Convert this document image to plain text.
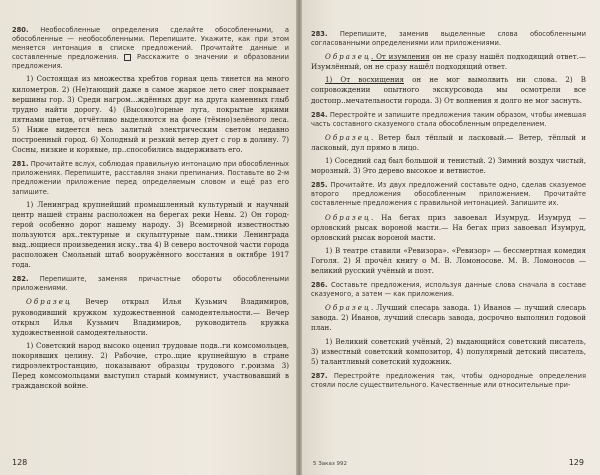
280. Необособленные определения сделайте обособленными, а обособленные — необособленными. Перепишите. Укажите, как при этом меняется интонация в списке предложений. Прочитайте данные и составленные предложения.	Расскажите о значении и образовании предложения.

1) Состоящая из множества хребтов горная цепь тянется на много километров. 2) (Не)тающий даже в самое жаркое лето снег покрывает вершины гор. 3) Среди нагром...ждённых друг на друга каменных глыб трудно найти дорогу. 4) (Высоко)горные луга, покрытые яркими пятнами цветов, отчётливо выделяются на фоне (тёмно)зелёного леса. 5) Ниже видеется весь залитый электрическим светом недавно построенный город. 6) Холодный и резкий ветер дует с гор в долину. 7) Сосны, низкие и корявые, пр..способились выдерживать его.

281. Прочитайте вслух, соблюдая правильную интонацию при обособленных приложениях. Перепишите, расставляя знаки препинания. Поставьте во 2-м предложении приложение перед определяемым словом и ещё раз его запишите.

1) Ленинград крупнейший промышленный культурный и научный центр нашей страны расположен на берегах реки Невы. 2) Он город-герой особенно дорог нашему народу. 3) Всемирной известностью пользуются арх..тектурные и скульптурные пам..тники Ленинграда выд..ющиеся произведения иску..тва 4) В северо восточной части города расположен Смольный штаб вооружённого восстания в октябре 1917 года.

282. Перепишите, заменяя причастные обороты обособленными приложениями.

Образец Вечер открыл Илья Кузьмич Владимиров, руководивший кружком художественной самодеятельности.— Вечер открыл Илья Кузьмич Владимиров, руководитель кружка художественной самодеятельности.

1) Советский народ высоко оценил трудовые подв..ги комсомольцев, покорявших целину. 2) Рабочие, стро..щие крупнейшую в стране гидроэлектростанцию, показывают образцы трудового г.роизма 3) Перед комсомольцами выступил старый коммунист, участвовавший в гражданской войне.

128

283. Перепишите, заменив выделенные слова обособленными согласованными определениями или приложениями.

Образец. От изумления он не сразу нашёл подходящий ответ.— Изумлённый, он не сразу нашёл подходящий ответ.

1) От восхищения он не мог вымолвить ни слова. 2) В сопровождении опытного экскурсовода мы осмотрели все достопр..мечательности города. 3) От волнения я долго не мог заснуть.

284. Перестройте и запишите предложения таким образом, чтобы имевшая часть составного сказуемого стала обособленным определением.

Образец. Ветер был тёплый и ласковый.— Ветер, тёплый и ласковый, дул прямо в лицо.

1) Соседний сад был большой и тенистый. 2) Зимний воздух чистый, морозный. 3) Это дерево высокое и ветвистое.

285. Прочитайте. Из двух предложений составьте одно, сделав сказуемое второго предложения обособленным приложением. Прочитайте составленные предложения с правильной интонацией. Запишите их.

Образец. На бегах приз завоевал Изумруд. Изумруд — орловский рысак вороной масти.— На бегах приз завоевал Изумруд, орловский рысак вороной масти.

1) В театре ставили «Ревизора». «Ревизор» — бессмертная комедия Гоголя. 2) Я прочёл книгу о М. В. Ломоносове. М. В. Ломоносов — великий русский учёный и поэт.

286. Составьте предложения, используя данные слова сначала в составе сказуемого, а затем — как приложения.

Образец. Лучший слесарь завода. 1) Иванов — лучший слесарь завода. 2) Иванов, лучший слесарь завода, досрочно выполнил годовой план.

1) Великий советский учёный, 2) выдающийся советский писатель, 3) известный советский композитор, 4) популярный детский писатель, 5) талантливый советский художник.

287. Перестройте предложения так, чтобы однородные определения стояли после существительного. Качественные или относительные при-

5 Заказ 992	129
